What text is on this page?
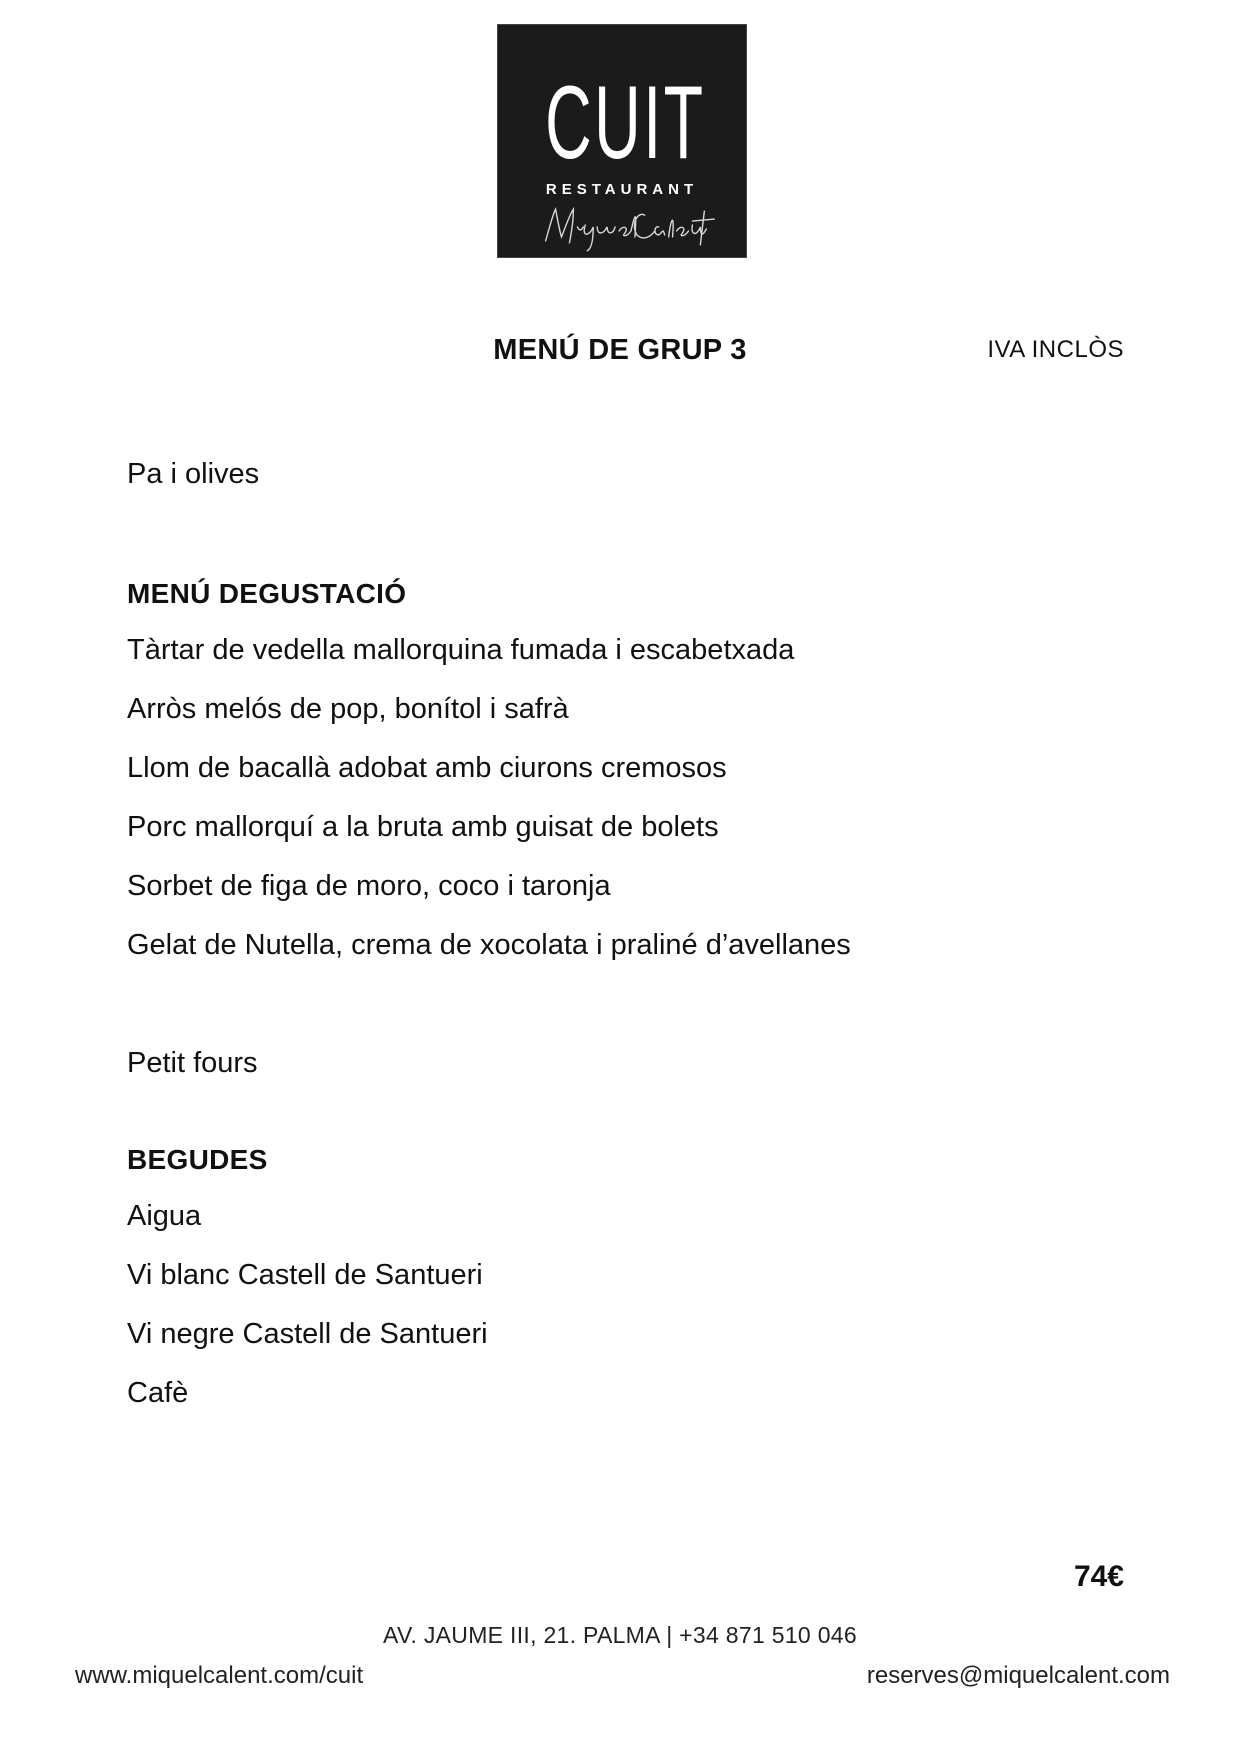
CUIT
RESTAURANT
MENÚ DE GRUP 3	IVA INCLÒS
Pa i olives
MENÚ DEGUSTACIÓ
Tàrtar de vedella mallorquina fumada i escabetxada
Arròs melós de pop, bonítol i safrà
Llom de bacallà adobat amb ciurons cremosos
Porc mallorquí a la bruta amb guisat de bolets
Sorbet de figa de moro, coco i taronja
Gelat de Nutella, crema de xocolata i praliné d’avellanes
Petit fours
BEGUDES
Aigua
Vi blanc Castell de Santueri
Vi negre Castell de Santueri
Cafè
74€
AV. JAUME III, 21. PALMA | +34 871 510 046
www.miquelcalent.com/cuit	reserves@miquelcalent.com
